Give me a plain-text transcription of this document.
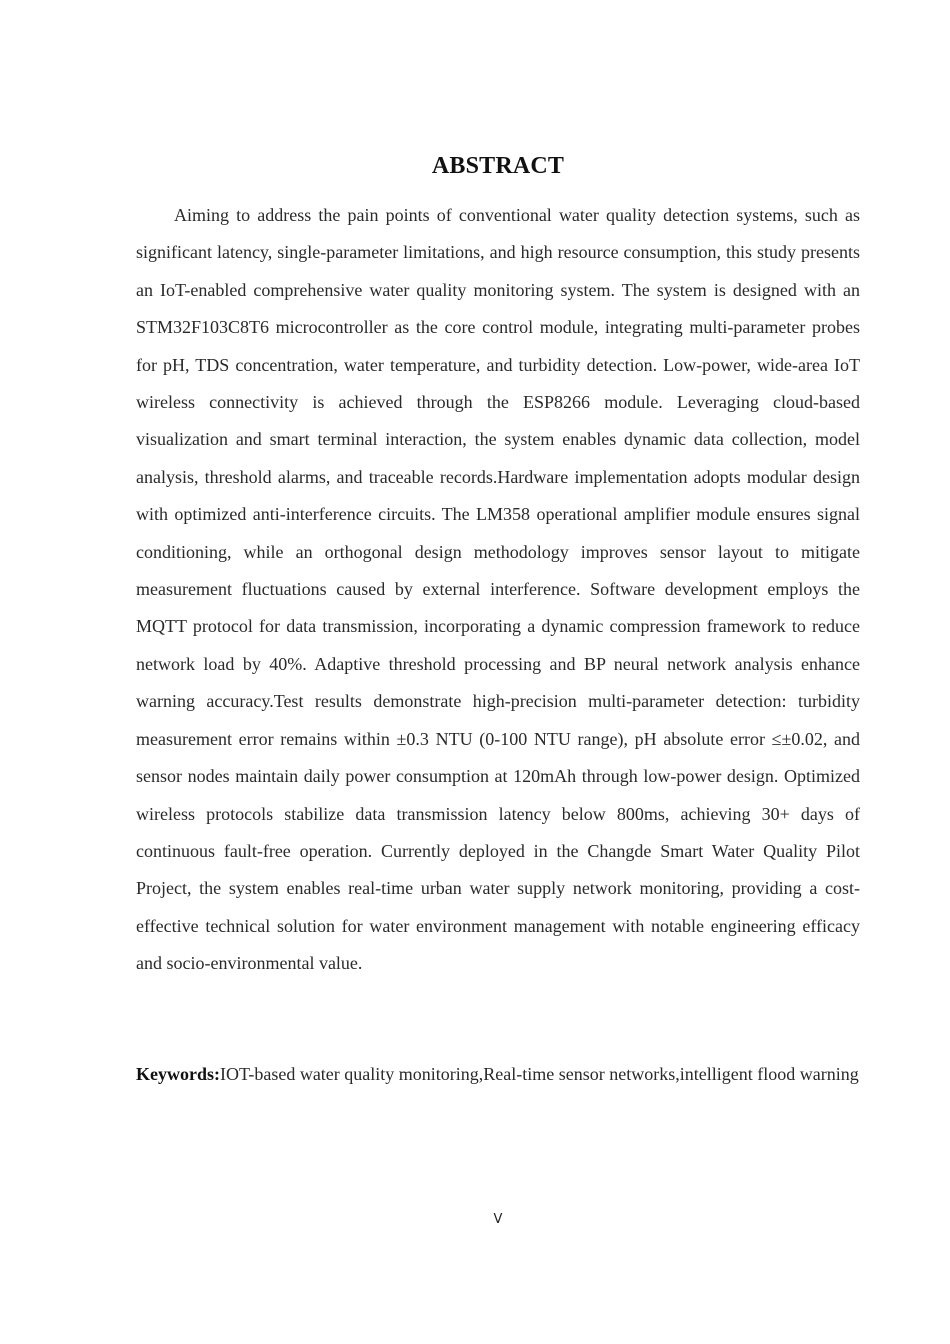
ABSTRACT

Aiming to address the pain points of conventional water quality detection systems, such as significant latency, single-parameter limitations, and high resource consumption, this study presents an IoT-enabled comprehensive water quality monitoring system. The system is designed with an STM32F103C8T6 microcontroller as the core control module, integrating multi-parameter probes for pH, TDS concentration, water temperature, and turbidity detection. Low-power, wide-area IoT wireless connectivity is achieved through the ESP8266 module. Leveraging cloud-based visualization and smart terminal interaction, the system enables dynamic data collection, model analysis, threshold alarms, and traceable records.Hardware implementation adopts modular design with optimized anti-interference circuits. The LM358 operational amplifier module ensures signal conditioning, while an orthogonal design methodology improves sensor layout to mitigate measurement fluctuations caused by external interference. Software development employs the MQTT protocol for data transmission, incorporating a dynamic compression framework to reduce network load by 40%. Adaptive threshold processing and BP neural network analysis enhance warning accuracy.Test results demonstrate high-precision multi-parameter detection: turbidity measurement error remains within ±0.3 NTU (0-100 NTU range), pH absolute error ≤±0.02, and sensor nodes maintain daily power consumption at 120mAh through low-power design. Optimized wireless protocols stabilize data transmission latency below 800ms, achieving 30+ days of continuous fault-free operation. Currently deployed in the Changde Smart Water Quality Pilot Project, the system enables real-time urban water supply network monitoring, providing a cost-effective technical solution for water environment management with notable engineering efficacy and socio-environmental value.

Keywords:IOT-based water quality monitoring,Real-time sensor networks,intelligent flood warning
V
